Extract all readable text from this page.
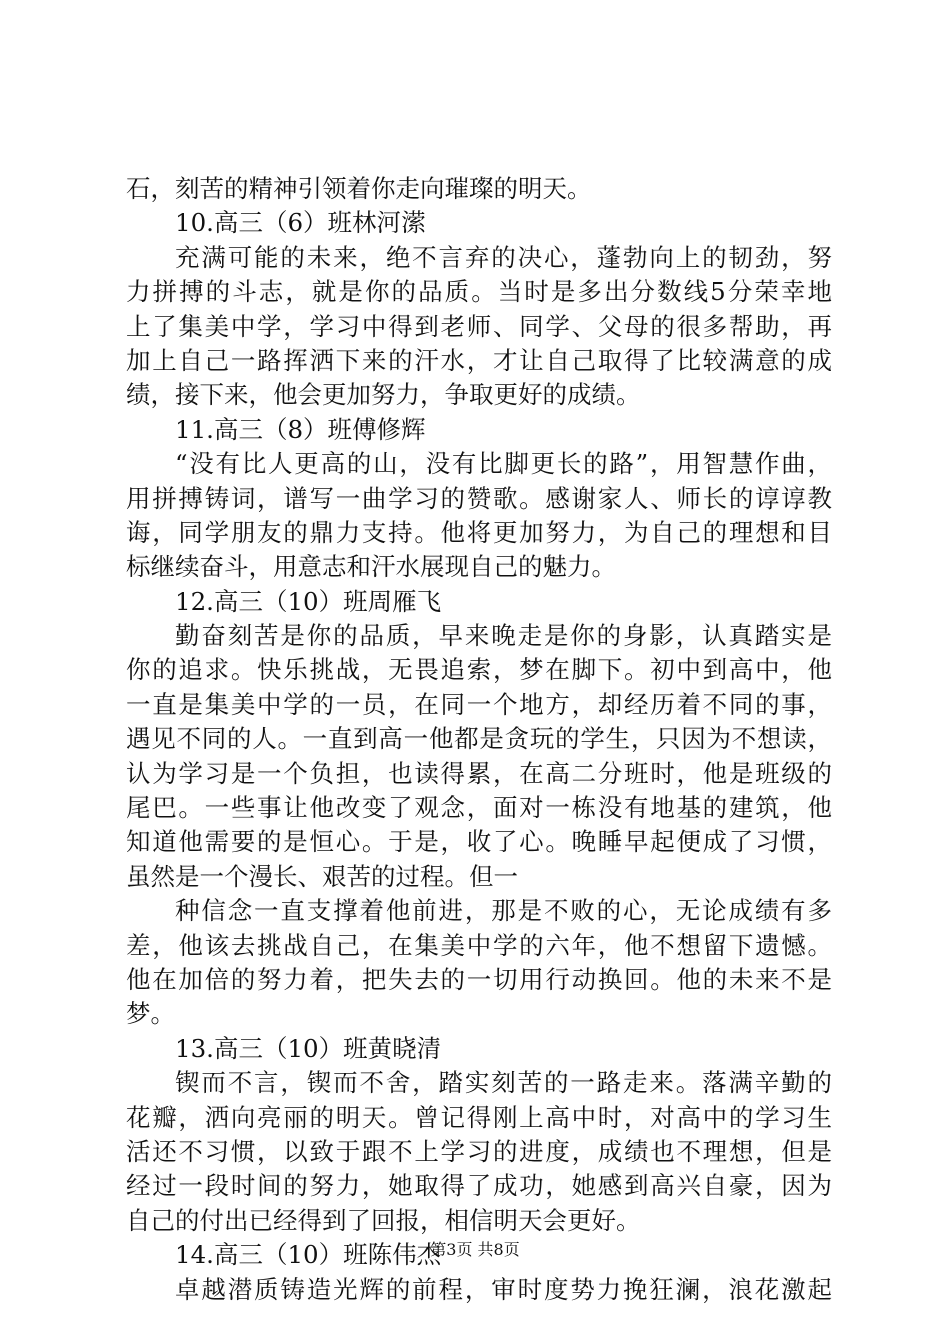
石，刻苦的精神引领着你走向璀璨的明天。
10.高三（6）班林河潆
充满可能的未来，绝不言弃的决心，蓬勃向上的韧劲，努
力拼搏的斗志，就是你的品质。当时是多出分数线5分荣幸地
上了集美中学，学习中得到老师、同学、父母的很多帮助，再
加上自己一路挥洒下来的汗水，才让自己取得了比较满意的成
绩，接下来，他会更加努力，争取更好的成绩。
11.高三（8）班傅修辉
“没有比人更高的山，没有比脚更长的路”，用智慧作曲，
用拼搏铸词，谱写一曲学习的赞歌。感谢家人、师长的谆谆教
诲，同学朋友的鼎力支持。他将更加努力，为自己的理想和目
标继续奋斗，用意志和汗水展现自己的魅力。
12.高三（10）班周雁飞
勤奋刻苦是你的品质，早来晚走是你的身影，认真踏实是
你的追求。快乐挑战，无畏追索，梦在脚下。初中到高中，他
一直是集美中学的一员，在同一个地方，却经历着不同的事，
遇见不同的人。一直到高一他都是贪玩的学生，只因为不想读，
认为学习是一个负担，也读得累，在高二分班时，他是班级的
尾巴。一些事让他改变了观念，面对一栋没有地基的建筑，他
知道他需要的是恒心。于是，收了心。晚睡早起便成了习惯，
虽然是一个漫长、艰苦的过程。但一
种信念一直支撑着他前进，那是不败的心，无论成绩有多
差，他该去挑战自己，在集美中学的六年，他不想留下遗憾。
他在加倍的努力着，把失去的一切用行动换回。他的未来不是
梦。
13.高三（10）班黄晓清
锲而不言，锲而不舍，踏实刻苦的一路走来。落满辛勤的
花瓣，洒向亮丽的明天。曾记得刚上高中时，对高中的学习生
活还不习惯，以致于跟不上学习的进度，成绩也不理想，但是
经过一段时间的努力，她取得了成功，她感到高兴自豪，因为
自己的付出已经得到了回报，相信明天会更好。
14.高三（10）班陈伟杰
卓越潜质铸造光辉的前程，审时度势力挽狂澜，浪花激起
第3页 共8页
